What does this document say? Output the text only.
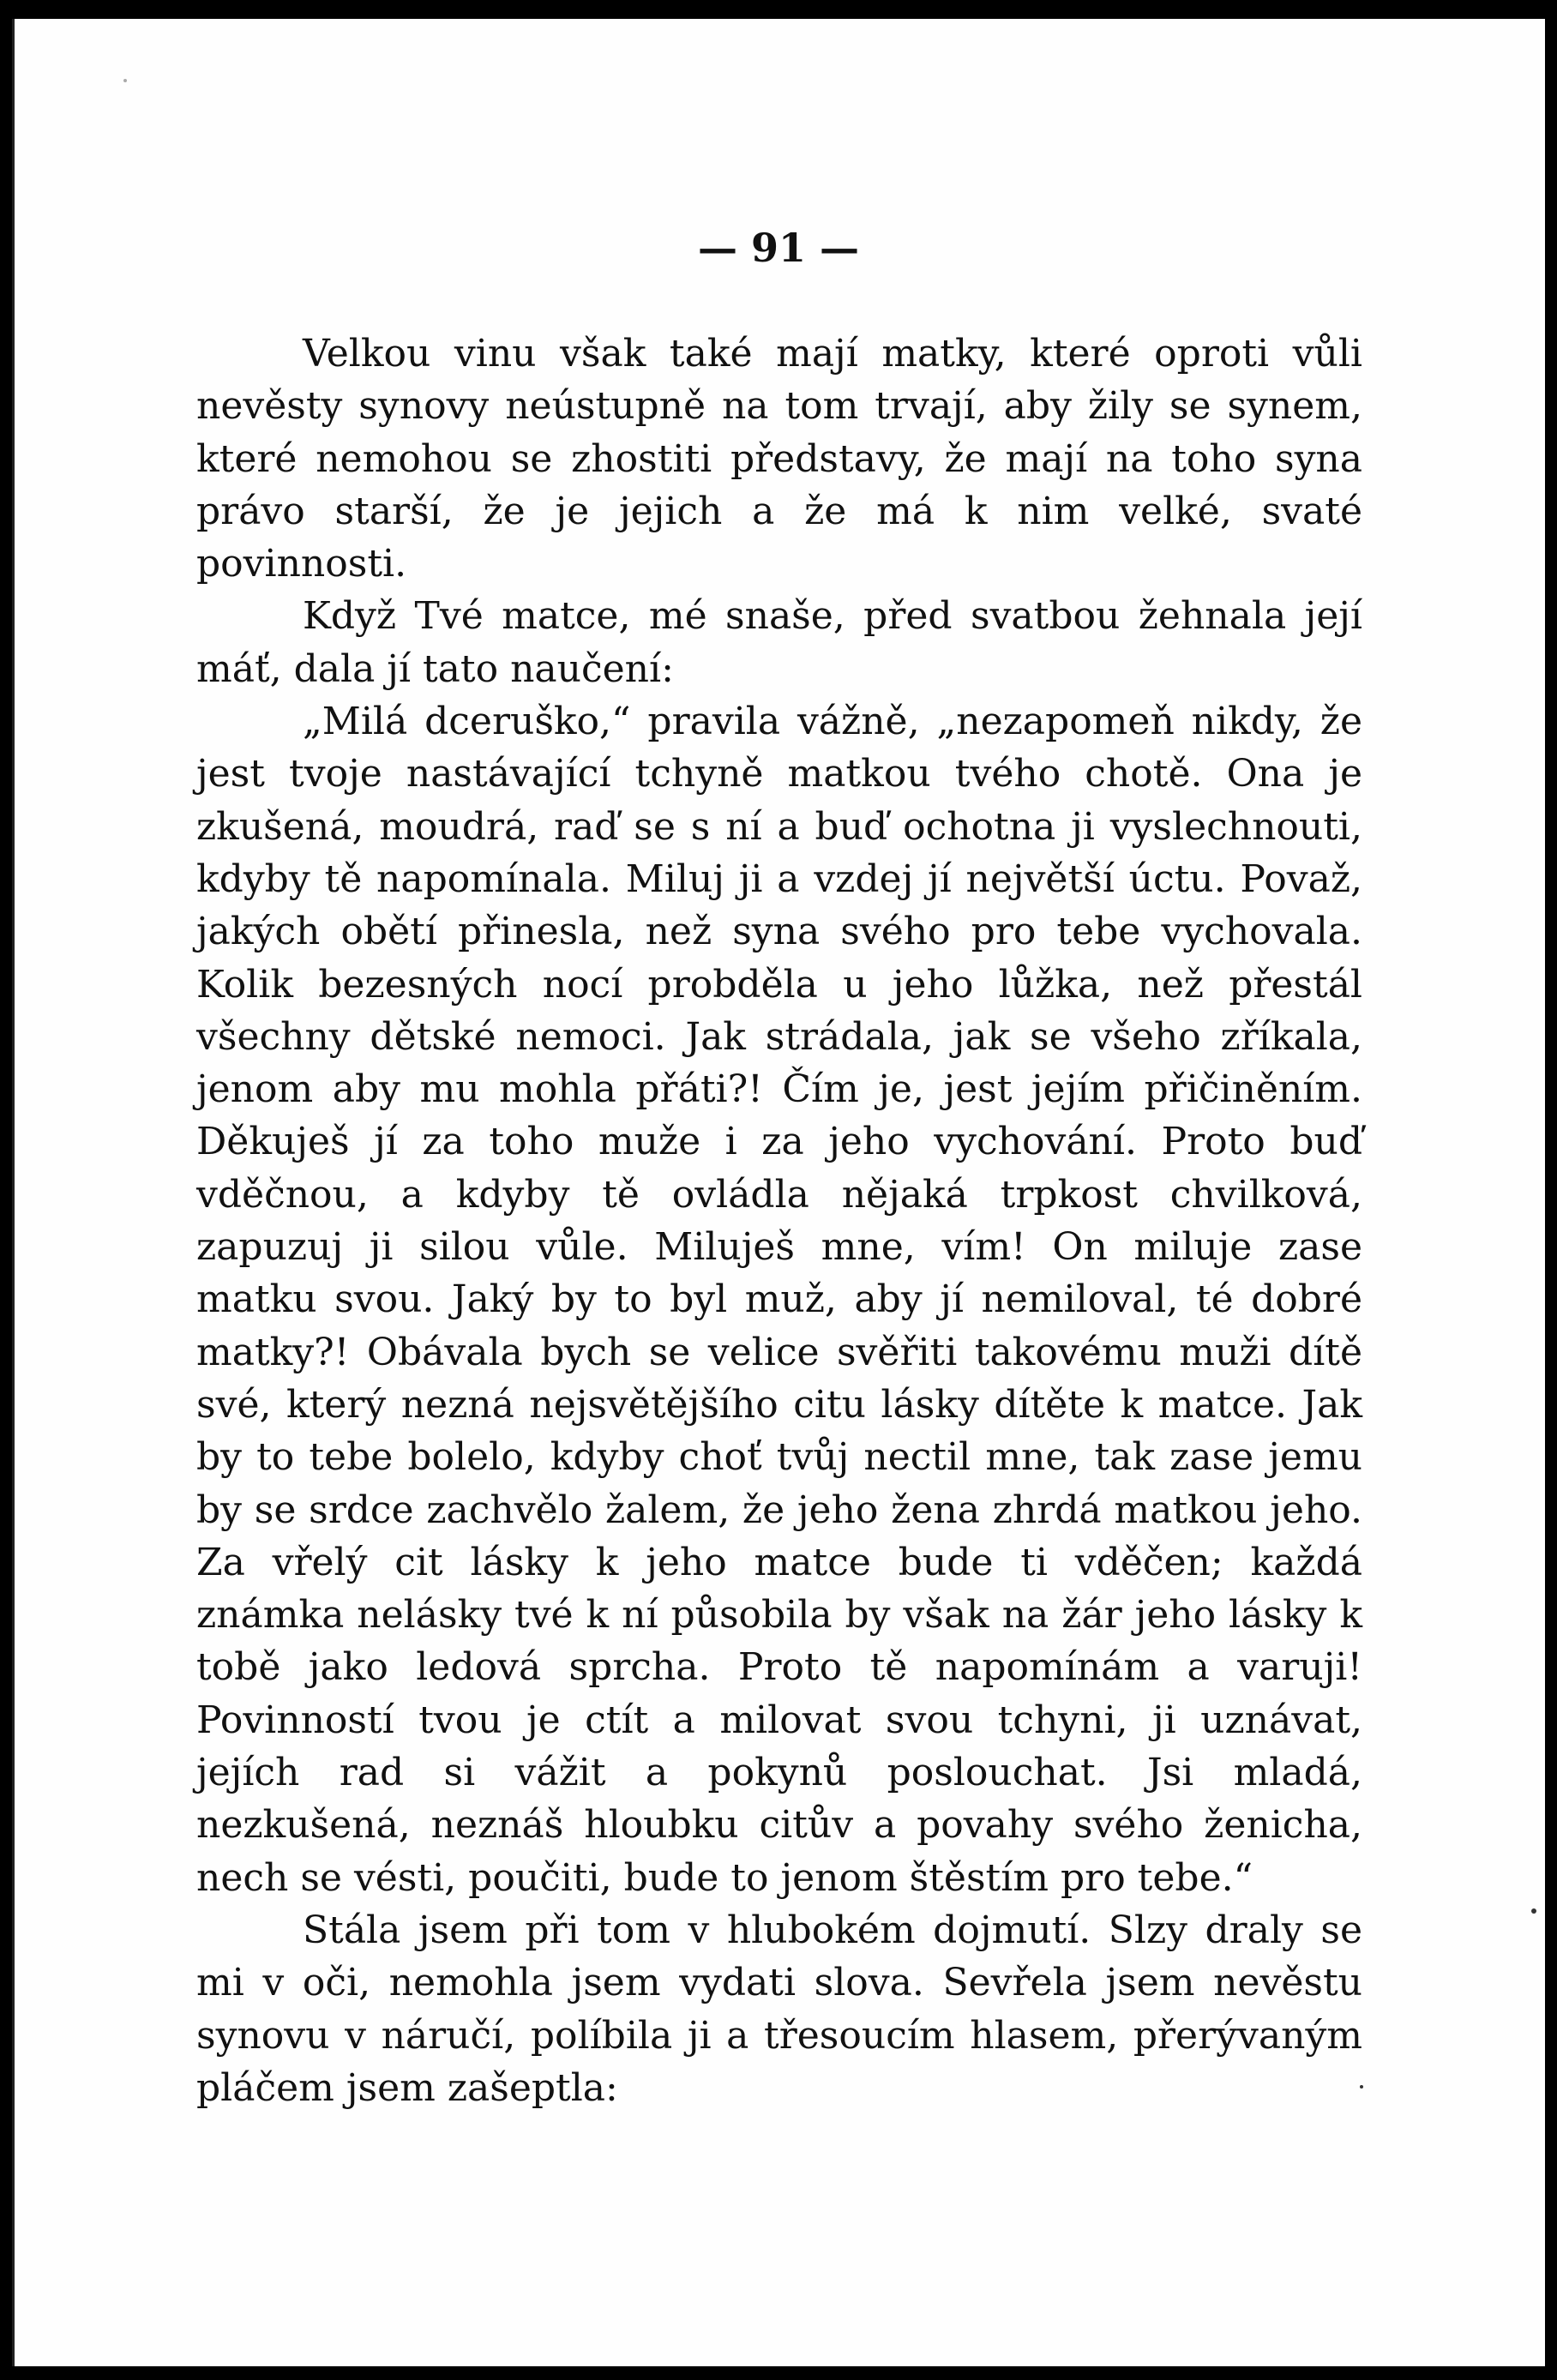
— 91 —

Velkou vinu však také mají matky, které oproti vůli nevěsty synovy neústupně na tom trvají, aby žily se synem, které nemohou se zhostiti představy, že mají na toho syna právo starší, že je jejich a že má k nim velké, svaté povinnosti.

Když Tvé matce, mé snaše, před svatbou žehnala její máť, dala jí tato naučení:

„Milá dceruško,“ pravila vážně, „nezapomeň nikdy, že jest tvoje nastávající tchyně matkou tvého chotě. Ona je zkušená, moudrá, raď se s ní a buď ochotna ji vyslechnouti, kdyby tě napomínala. Miluj ji a vzdej jí největší úctu. Považ, jakých obětí přinesla, než syna svého pro tebe vychovala. Kolik bezesných nocí probděla u jeho lůžka, než přestál všechny dětské nemoci. Jak strádala, jak se všeho zříkala, jenom aby mu mohla přáti?! Čím je, jest jejím přičiněním. Děkuješ jí za toho muže i za jeho vychování. Proto buď vděčnou, a kdyby tě ovládla nějaká trpkost chvilková, zapuzuj ji silou vůle. Miluješ mne, vím! On miluje zase matku svou. Jaký by to byl muž, aby jí nemiloval, té dobré matky?! Obávala bych se velice svěřiti takovému muži dítě své, který nezná nejsvětějšího citu lásky dítěte k matce. Jak by to tebe bolelo, kdyby choť tvůj nectil mne, tak zase jemu by se srdce zachvělo žalem, že jeho žena zhrdá matkou jeho. Za vřelý cit lásky k jeho matce bude ti vděčen; každá známka nelásky tvé k ní působila by však na žár jeho lásky k tobě jako ledová sprcha. Proto tě napomínám a varuji! Povinností tvou je ctít a milovat svou tchyni, ji uznávat, jejích rad si vážit a pokynů poslouchat. Jsi mladá, nezkušená, neznáš hloubku citův a povahy svého ženicha, nech se vésti, poučiti, bude to jenom štěstím pro tebe.“

Stála jsem při tom v hlubokém dojmutí. Slzy draly se mi v oči, nemohla jsem vydati slova. Sevřela jsem nevěstu synovu v náručí, políbila ji a třesoucím hlasem, přerývaným pláčem jsem zašeptla:
